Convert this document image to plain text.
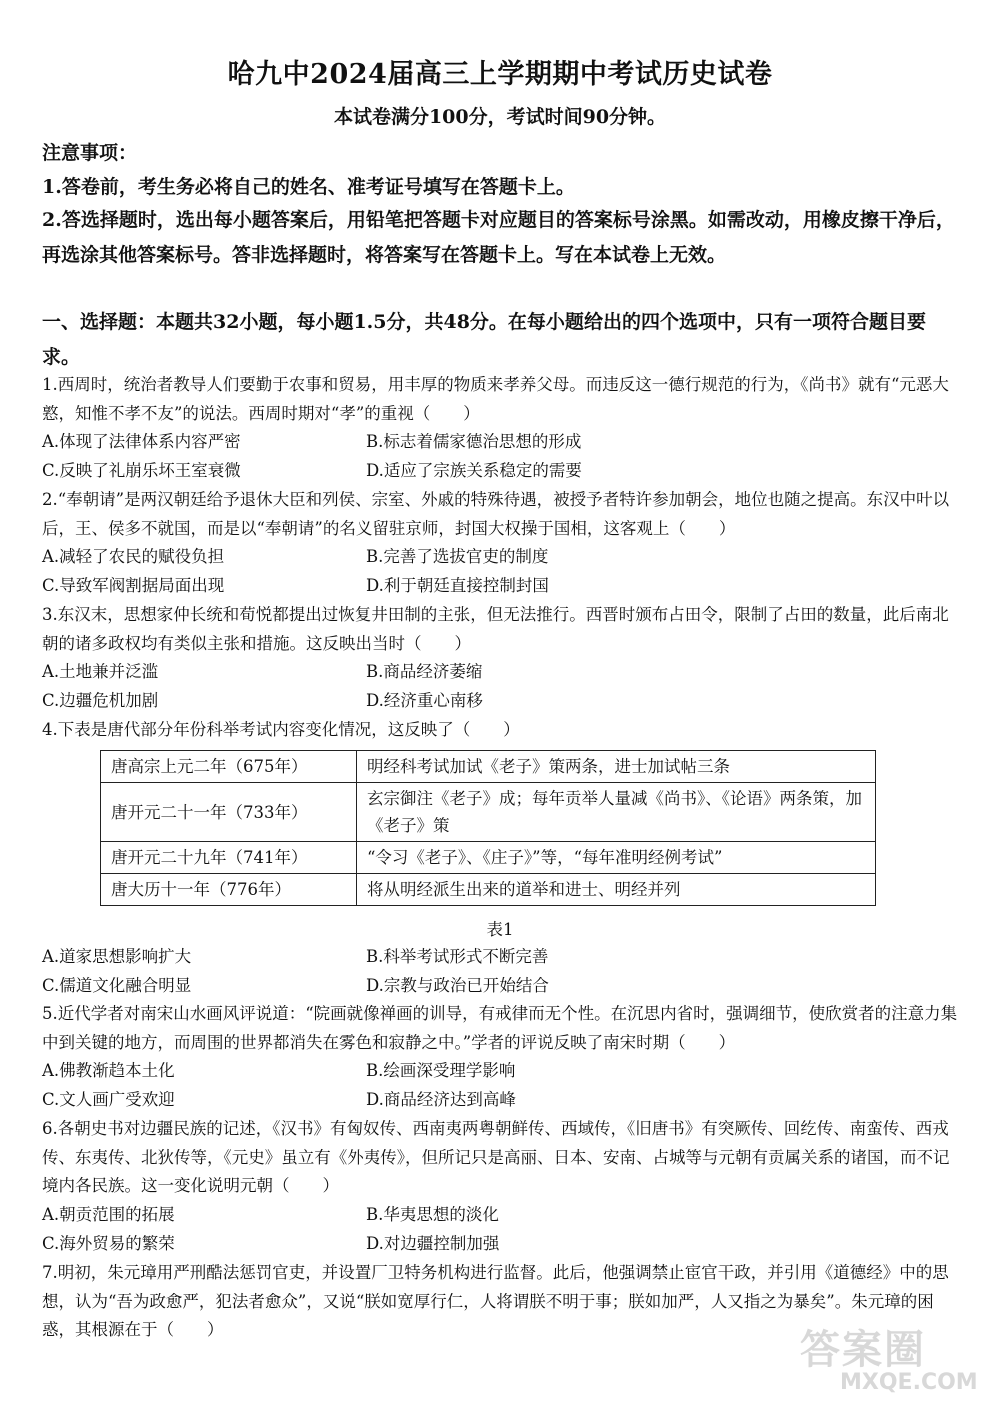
哈九中2024届高三上学期期中考试历史试卷
本试卷满分100分，考试时间90分钟。
注意事项：
1.答卷前，考生务必将自己的姓名、准考证号填写在答题卡上。
2.答选择题时，选出每小题答案后，用铅笔把答题卡对应题目的答案标号涂黑。如需改动，用橡皮擦干净后，再选涂其他答案标号。答非选择题时，将答案写在答题卡上。写在本试卷上无效。
一、选择题：本题共32小题，每小题1.5分，共48分。在每小题给出的四个选项中，只有一项符合题目要求。
1.西周时，统治者教导人们要勤于农事和贸易，用丰厚的物质来孝养父母。而违反这一德行规范的行为，《尚书》就有“元恶大憝，知惟不孝不友”的说法。西周时期对“孝”的重视（　　）
A.体现了法律体系内容严密	B.标志着儒家德治思想的形成
C.反映了礼崩乐坏王室衰微	D.适应了宗族关系稳定的需要
2.“奉朝请”是两汉朝廷给予退休大臣和列侯、宗室、外戚的特殊待遇，被授予者特许参加朝会，地位也随之提高。东汉中叶以后，王、侯多不就国，而是以“奉朝请”的名义留驻京师，封国大权操于国相，这客观上（　　）
A.减轻了农民的赋役负担	B.完善了选拔官吏的制度
C.导致军阀割据局面出现	D.利于朝廷直接控制封国
3.东汉末，思想家仲长统和荀悦都提出过恢复井田制的主张，但无法推行。西晋时颁布占田令，限制了占田的数量，此后南北朝的诸多政权均有类似主张和措施。这反映出当时（　　）
A.土地兼并泛滥	B.商品经济萎缩
C.边疆危机加剧	D.经济重心南移
4.下表是唐代部分年份科举考试内容变化情况，这反映了（　　）
唐高宗上元二年（675年）	明经科考试加试《老子》策两条，进士加试帖三条
唐开元二十一年（733年）	玄宗御注《老子》成；每年贡举人量减《尚书》、《论语》两条策，加《老子》策
唐开元二十九年（741年）	“令习《老子》、《庄子》”等，“每年准明经例考试”
唐大历十一年（776年）	将从明经派生出来的道举和进士、明经并列
表1
A.道家思想影响扩大	B.科举考试形式不断完善
C.儒道文化融合明显	D.宗教与政治已开始结合
5.近代学者对南宋山水画风评说道：“院画就像禅画的训导，有戒律而无个性。在沉思内省时，强调细节，使欣赏者的注意力集中到关键的地方，而周围的世界都消失在雾色和寂静之中。”学者的评说反映了南宋时期（　　）
A.佛教渐趋本土化	B.绘画深受理学影响
C.文人画广受欢迎	D.商品经济达到高峰
6.各朝史书对边疆民族的记述，《汉书》有匈奴传、西南夷两粤朝鲜传、西域传，《旧唐书》有突厥传、回纥传、南蛮传、西戎传、东夷传、北狄传等，《元史》虽立有《外夷传》，但所记只是高丽、日本、安南、占城等与元朝有贡属关系的诸国，而不记境内各民族。这一变化说明元朝（　　）
A.朝贡范围的拓展	B.华夷思想的淡化
C.海外贸易的繁荣	D.对边疆控制加强
7.明初，朱元璋用严刑酷法惩罚官吏，并设置厂卫特务机构进行监督。此后，他强调禁止宦官干政，并引用《道德经》中的思想，认为“吾为政愈严，犯法者愈众”，又说“朕如宽厚行仁，人将谓朕不明于事；朕如加严，人又指之为暴矣”。朱元璋的困惑，其根源在于（　　）	答案圈
MXQE.COM
